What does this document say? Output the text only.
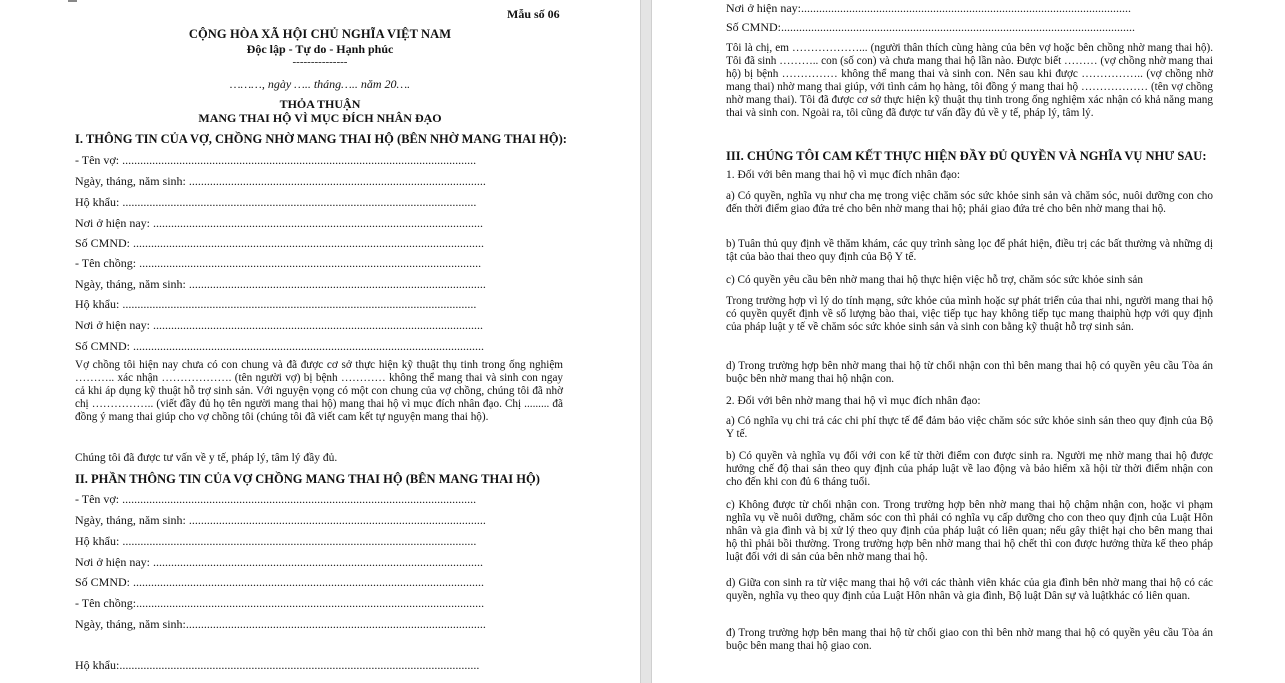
Mẫu số 06
CỘNG HÒA XÃ HỘI CHỦ NGHĨA VIỆT NAM
Độc lập - Tự do - Hạnh phúc
---------------
………, ngày ….. tháng….. năm 20….
THỎA THUẬN
MANG THAI HỘ VÌ MỤC ĐÍCH NHÂN ĐẠO
I. THÔNG TIN CỦA VỢ, CHỒNG NHỜ MANG THAI HỘ (BÊN NHỜ MANG THAI HỘ):
- Tên vợ: ......................................................................................................................
Ngày, tháng, năm sinh: ...................................................................................................
Hộ khẩu: ......................................................................................................................
Nơi ở hiện nay: ..............................................................................................................
Số CMND: .....................................................................................................................
- Tên chồng: ..................................................................................................................
Ngày, tháng, năm sinh: ...................................................................................................
Hộ khẩu: ......................................................................................................................
Nơi ở hiện nay: ..............................................................................................................
Số CMND: .....................................................................................................................
Vợ chồng tôi hiện nay chưa có con chung và đã được cơ sở thực hiện kỹ thuật thụ tinh trong ống nghiệm ……….. xác nhận ………………. (tên người vợ) bị bệnh ………… không thể mang thai và sinh con ngay cả khi áp dụng kỹ thuật hỗ trợ sinh sản. Với nguyện vọng có một con chung của vợ chồng, chúng tôi đã nhờ chị …………….. (viết đầy đủ họ tên người mang thai hộ) mang thai hộ vì mục đích nhân đạo. Chị ......... đã đồng ý mang thai giúp cho vợ chồng tôi (chúng tôi đã viết cam kết tự nguyện mang thai hộ).
Chúng tôi đã được tư vấn về y tế, pháp lý, tâm lý đầy đủ.
II. PHẦN THÔNG TIN CỦA VỢ CHỒNG MANG THAI HỘ (BÊN MANG THAI HỘ)
- Tên vợ: ......................................................................................................................
Ngày, tháng, năm sinh: ...................................................................................................
Hộ khẩu: ......................................................................................................................
Nơi ở hiện nay: ..............................................................................................................
Số CMND: .....................................................................................................................
- Tên chồng:....................................................................................................................
Ngày, tháng, năm sinh:....................................................................................................
Hộ khẩu:........................................................................................................................
Nơi ở hiện nay:..............................................................................................................
Số CMND:......................................................................................................................
Tôi là chị, em ………………... (người thân thích cùng hàng của bên vợ hoặc bên chồng nhờ mang thai hộ). Tôi đã sinh ……….. con (số con) và chưa mang thai hộ lần nào. Được biết ……… (vợ chồng nhờ mang thai hộ) bị bệnh …………… không thể mang thai và sinh con. Nên sau khi được …………….. (vợ chồng nhờ mang thai) nhờ mang thai giúp, với tình cảm họ hàng, tôi đồng ý mang thai hộ ……………… (tên vợ chồng nhờ mang thai). Tôi đã được cơ sở thực hiện kỹ thuật thụ tinh trong ống nghiệm xác nhận có khả năng mang thai và sinh con. Ngoài ra, tôi cũng đã được tư vấn đầy đủ về y tế, pháp lý, tâm lý.
III. CHÚNG TÔI CAM KẾT THỰC HIỆN ĐẦY ĐỦ QUYỀN VÀ NGHĨA VỤ NHƯ SAU:
1. Đối với bên mang thai hộ vì mục đích nhân đạo:
a) Có quyền, nghĩa vụ như cha mẹ trong việc chăm sóc sức khỏe sinh sản và chăm sóc, nuôi dưỡng con cho đến thời điểm giao đứa trẻ cho bên nhờ mang thai hộ; phải giao đứa trẻ cho bên nhờ mang thai hộ.
b) Tuân thủ quy định về thăm khám, các quy trình sàng lọc để phát hiện, điều trị các bất thường và những dị tật của bào thai theo quy định của Bộ Y tế.
c) Có quyền yêu cầu bên nhờ mang thai hộ thực hiện việc hỗ trợ, chăm sóc sức khỏe sinh sản
Trong trường hợp vì lý do tính mạng, sức khỏe của mình hoặc sự phát triển của thai nhi, người mang thai hộ có quyền quyết định về số lượng bào thai, việc tiếp tục hay không tiếp tục mang thaiphù hợp với quy định của pháp luật y tế về chăm sóc sức khỏe sinh sản và sinh con bằng kỹ thuật hỗ trợ sinh sản.
d) Trong trường hợp bên nhờ mang thai hộ từ chối nhận con thì bên mang thai hộ có quyền yêu cầu Tòa án buộc bên nhờ mang thai hộ nhận con.
2. Đối với bên nhờ mang thai hộ vì mục đích nhân đạo:
a) Có nghĩa vụ chi trả các chi phí thực tế để đảm bảo việc chăm sóc sức khỏe sinh sản theo quy định của Bộ Y tế.
b) Có quyền và nghĩa vụ đối với con kể từ thời điểm con được sinh ra. Người mẹ nhờ mang thai hộ được hưởng chế độ thai sản theo quy định của pháp luật về lao động và bảo hiểm xã hội từ thời điểm nhận con cho đến khi con đủ 6 tháng tuổi.
c) Không được từ chối nhận con. Trong trường hợp bên nhờ mang thai hộ chậm nhận con, hoặc vi phạm nghĩa vụ về nuôi dưỡng, chăm sóc con thì phải có nghĩa vụ cấp dưỡng cho con theo quy định của Luật Hôn nhân và gia đình và bị xử lý theo quy định của pháp luật có liên quan; nếu gây thiệt hại cho bên mang thai hộ thì phải bồi thường. Trong trường hợp bên nhờ mang thai hộ chết thì con được hưởng thừa kế theo pháp luật đối với di sản của bên nhờ mang thai hộ.
d) Giữa con sinh ra từ việc mang thai hộ với các thành viên khác của gia đình bên nhờ mang thai hộ có các quyền, nghĩa vụ theo quy định của Luật Hôn nhân và gia đình, Bộ luật Dân sự và luậtkhác có liên quan.
đ) Trong trường hợp bên mang thai hộ từ chối giao con thì bên nhờ mang thai hộ có quyền yêu cầu Tòa án buộc bên mang thai hộ giao con.
